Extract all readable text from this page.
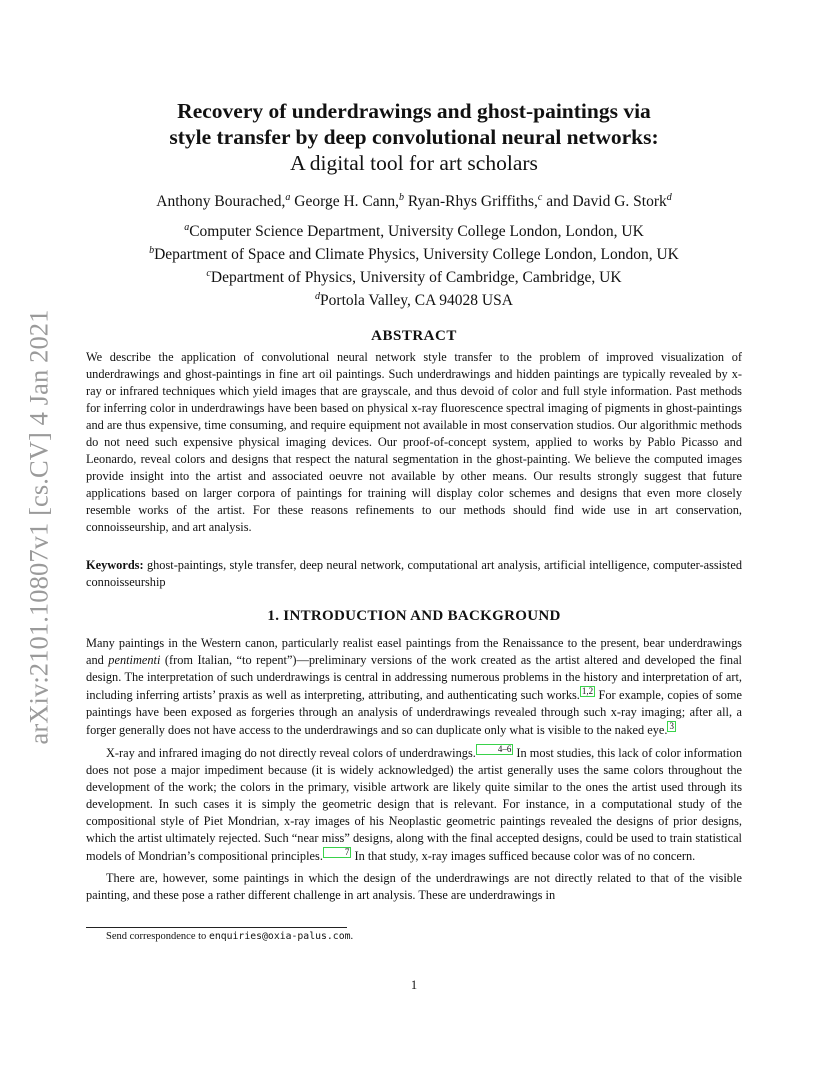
arXiv:2101.10807v1 [cs.CV] 4 Jan 2021

Recovery of underdrawings and ghost-paintings via

style transfer by deep convolutional neural networks:

A digital tool for art scholars

Anthony Bourached,$^a$ George H. Cann,$^b$ Ryan-Rhys Griffiths,$^c$ and David G. Stork$^d$
$^a$Computer Science Department, University College London, London, UK
$^b$Department of Space and Climate Physics, University College London, London, UK
$^c$Department of Physics, University of Cambridge, Cambridge, UK
$^d$Portola Valley, CA 94028 USA
ABSTRACT

We describe the application of convolutional neural network style transfer to the problem of improved visualization of underdrawings and ghost-paintings in fine art oil paintings. Such underdrawings and hidden paintings are typically revealed by x-ray or infrared techniques which yield images that are grayscale, and thus devoid of color and full style information. Past methods for inferring color in underdrawings have been based on physical x-ray fluorescence spectral imaging of pigments in ghost-paintings and are thus expensive, time consuming, and require equipment not available in most conservation studios. Our algorithmic methods do not need such expensive physical imaging devices. Our proof-of-concept system, applied to works by Pablo Picasso and Leonardo, reveal colors and designs that respect the natural segmentation in the ghost-painting. We believe the computed images provide insight into the artist and associated oeuvre not available by other means. Our results strongly suggest that future applications based on larger corpora of paintings for training will display color schemes and designs that even more closely resemble works of the artist. For these reasons refinements to our methods should find wide use in art conservation, connoisseurship, and art analysis.

Keywords: ghost-paintings, style transfer, deep neural network, computational art analysis, artificial intelligence, computer-assisted connoisseurship

1. INTRODUCTION AND BACKGROUND

Many paintings in the Western canon, particularly realist easel paintings from the Renaissance to the present, bear underdrawings and pentimenti (from Italian, “to repent”)—preliminary versions of the work created as the artist altered and developed the final design. The interpretation of such underdrawings is central in addressing numerous problems in the history and interpretation of art, including inferring artists’ praxis as well as interpreting, attributing, and authenticating such works. 1,2 For example, copies of some paintings have been exposed as forgeries through an analysis of underdrawings revealed through such x-ray imaging; after all, a forger generally does not have access to the underdrawings and so can duplicate only what is visible to the naked eye. 3

X-ray and infrared imaging do not directly reveal colors of underdrawings. 4–6 In most studies, this lack of color information does not pose a major impediment because (it is widely acknowledged) the artist generally uses the same colors throughout the development of the work; the colors in the primary, visible artwork are likely quite similar to the ones the artist used through its development. In such cases it is simply the geometric design that is relevant. For instance, in a computational study of the compositional style of Piet Mondrian, x-ray images of his Neoplastic geometric paintings revealed the designs of prior designs, which the artist ultimately rejected. Such “near miss” designs, along with the final accepted designs, could be used to train statistical models of Mondrian’s compositional principles. 7 In that study, x-ray images sufficed because color was of no concern.

There are, however, some paintings in which the design of the underdrawings are not directly related to that of the visible painting, and these pose a rather different challenge in art analysis. These are underdrawings in

Send correspondence to enquiries@oxia-palus.com.
1
